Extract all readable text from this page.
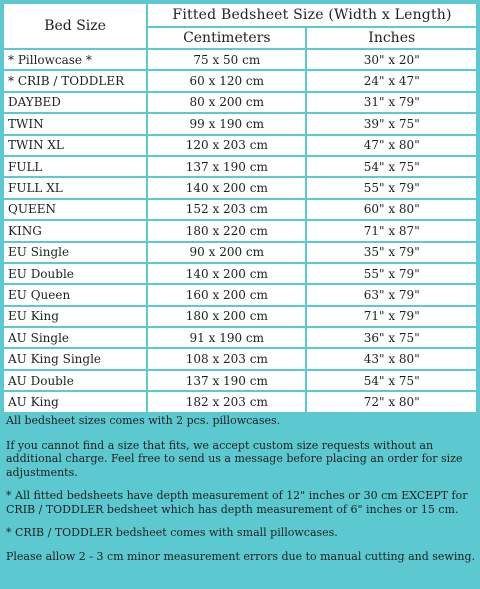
Bed Size	Fitted Bedsheet Size (Width x Length)	
	Centimeters	Inches
* Pillowcase *	75 x 50 cm	30" x 20"
* CRIB / TODDLER	60 x 120 cm	24" x 47"
DAYBED	80 x 200 cm	31" x 79"
TWIN	99 x 190 cm	39" x 75"
TWIN XL	120 x 203 cm	47" x 80"
FULL	137 x 190 cm	54" x 75"
FULL XL	140 x 200 cm	55" x 79"
QUEEN	152 x 203 cm	60" x 80"
KING	180 x 220 cm	71" x 87"
EU Single	90 x 200 cm	35" x 79"
EU Double	140 x 200 cm	55" x 79"
EU Queen	160 x 200 cm	63" x 79"
EU King	180 x 200 cm	71" x 79"
AU Single	91 x 190 cm	36" x 75"
AU King Single	108 x 203 cm	43" x 80"
AU Double	137 x 190 cm	54" x 75"
AU King	182 x 203 cm	72" x 80"

All bedsheet sizes comes with 2 pcs. pillowcases.

If you cannot find a size that fits, we accept custom size requests without an additional charge. Feel free to send us a message before placing an order for size adjustments.

* All fitted bedsheets have depth measurement of 12" inches or 30 cm EXCEPT for CRIB / TODDLER bedsheet which has depth measurement of 6" inches or 15 cm.

* CRIB / TODDLER bedsheet comes with small pillowcases.

Please allow 2 - 3 cm minor measurement errors due to manual cutting and sewing.
